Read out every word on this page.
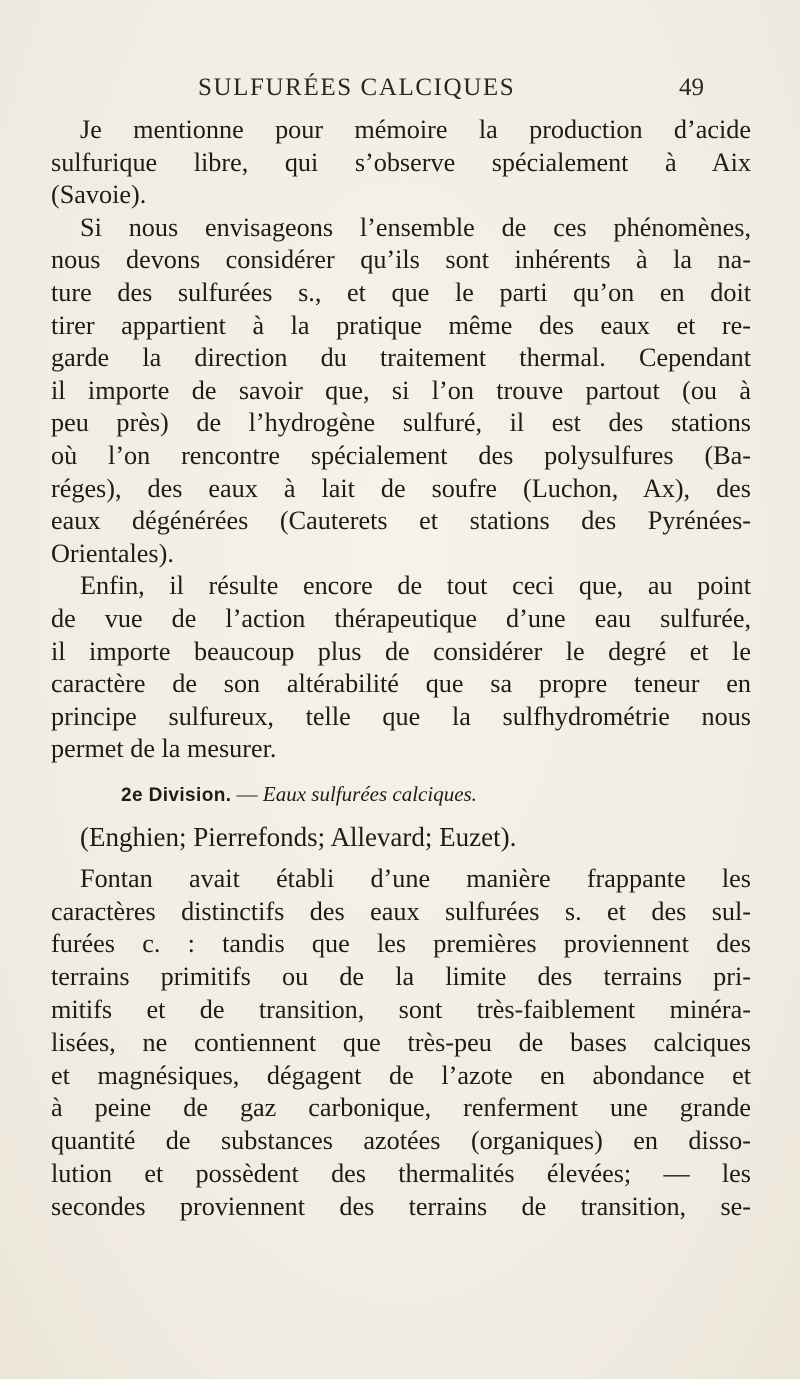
SULFURÉES CALCIQUES	49
Je mentionne pour mémoire la production d’acide
sulfurique libre, qui s’observe spécialement à Aix
(Savoie).
Si nous envisageons l’ensemble de ces phénomènes,
nous devons considérer qu’ils sont inhérents à la na-
ture des sulfurées s., et que le parti qu’on en doit
tirer appartient à la pratique même des eaux et re-
garde la direction du traitement thermal. Cependant
il importe de savoir que, si l’on trouve partout (ou à
peu près) de l’hydrogène sulfuré, il est des stations
où l’on rencontre spécialement des polysulfures (Ba-
réges), des eaux à lait de soufre (Luchon, Ax), des
eaux dégénérées (Cauterets et stations des Pyrénées-
Orientales).
Enfin, il résulte encore de tout ceci que, au point
de vue de l’action thérapeutique d’une eau sulfurée,
il importe beaucoup plus de considérer le degré et le
caractère de son altérabilité que sa propre teneur en
principe sulfureux, telle que la sulfhydrométrie nous
permet de la mesurer.
2e Division. — Eaux sulfurées calciques.
(Enghien; Pierrefonds; Allevard; Euzet).
Fontan avait établi d’une manière frappante les
caractères distinctifs des eaux sulfurées s. et des sul-
furées c. : tandis que les premières proviennent des
terrains primitifs ou de la limite des terrains pri-
mitifs et de transition, sont très-faiblement minéra-
lisées, ne contiennent que très-peu de bases calciques
et magnésiques, dégagent de l’azote en abondance et
à peine de gaz carbonique, renferment une grande
quantité de substances azotées (organiques) en disso-
lution et possèdent des thermalités élevées; — les
secondes proviennent des terrains de transition, se-
